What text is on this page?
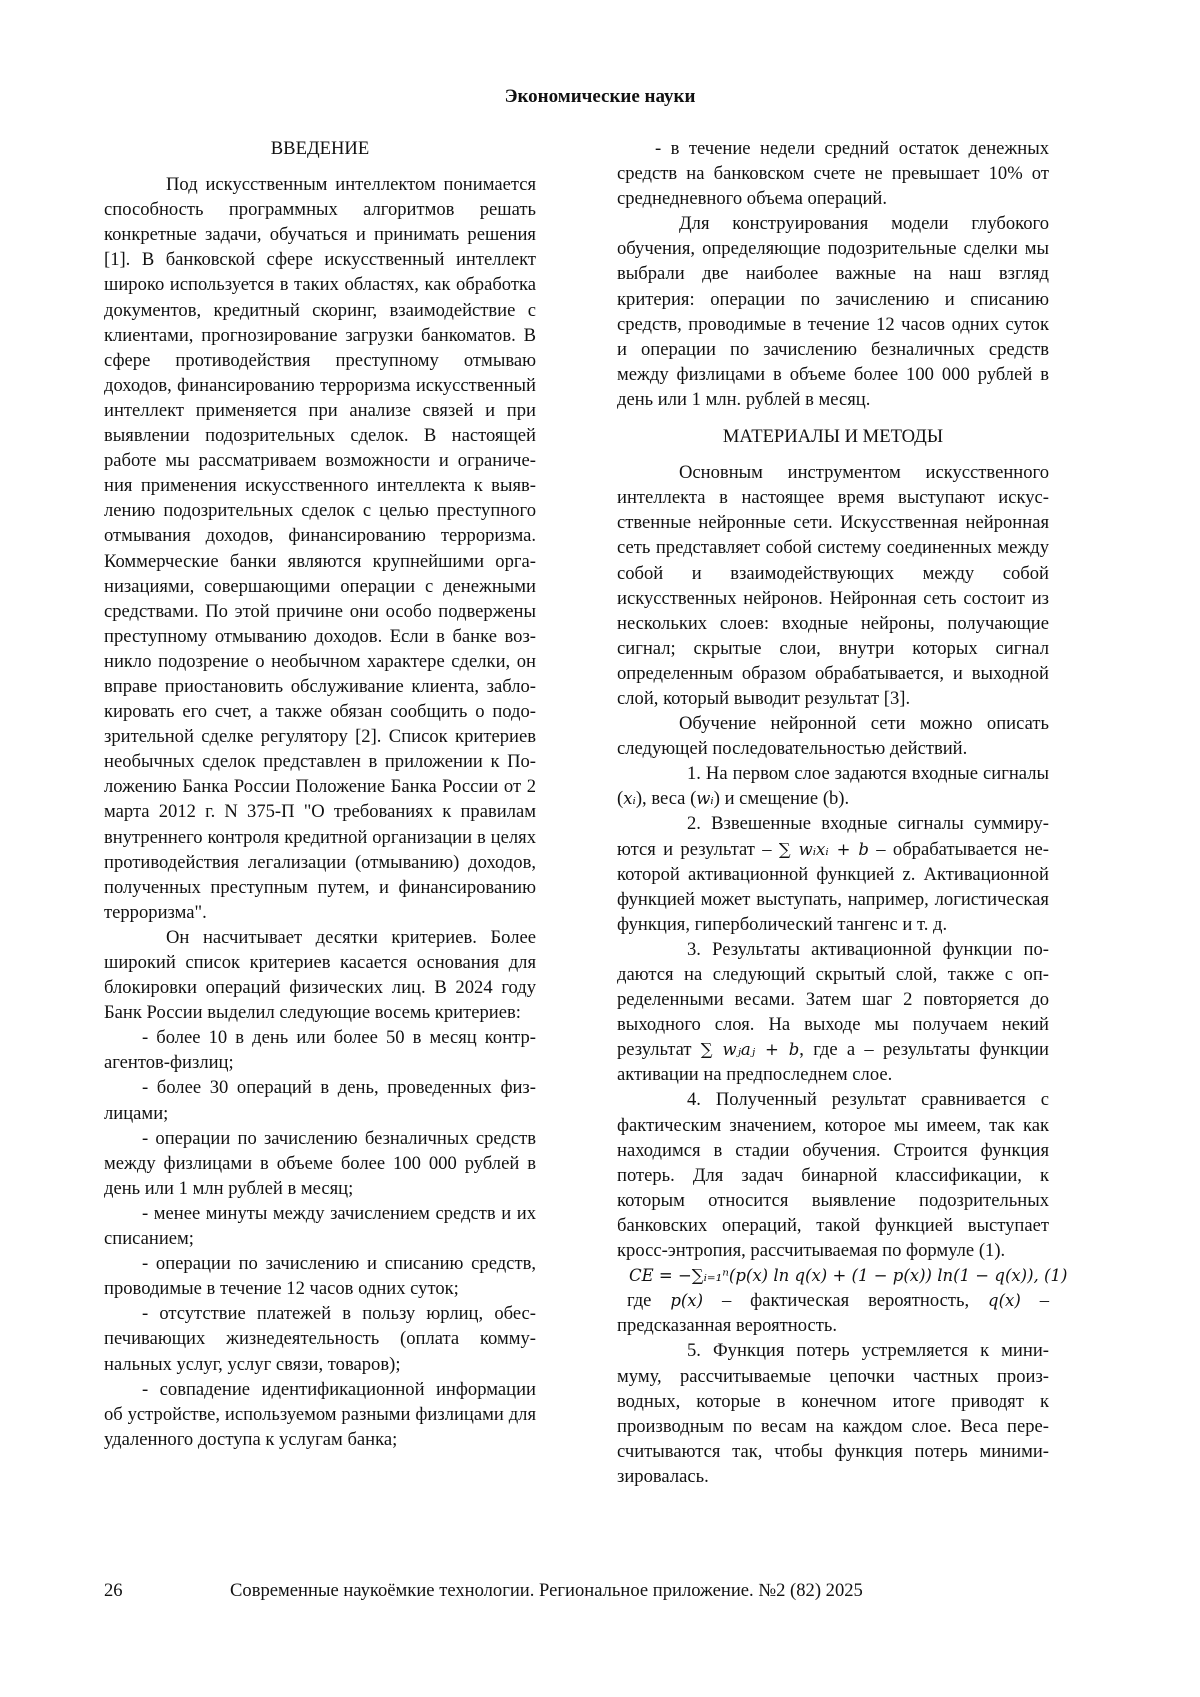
Экономические науки

ВВЕДЕНИЕ

Под искусственным интеллектом понимается способность программных алгоритмов решать конкретные задачи, обучаться и принимать решения [1]. В банковской сфере искусственный интеллект широко используется в таких областях, как обработка документов, кредитный скоринг, взаимодействие с клиентами, прогнозирование загрузки банкоматов. В сфере противодействия преступному отмываю доходов, финансированию терроризма искусственный интеллект применяется при анализе связей и при выявлении подозрительных сделок. В настоящей работе мы рассматриваем возможности и ограничения применения искусственного интеллекта к выявлению подозрительных сделок с целью преступного отмывания доходов, финансированию терроризма. Коммерческие банки являются крупнейшими организациями, совершающими операции с денежными средствами. По этой причине они особо подвержены преступному отмыванию доходов. Если в банке возникло подозрение о необычном характере сделки, он вправе приостановить обслуживание клиента, заблокировать его счет, а также обязан сообщить о подозрительной сделке регулятору [2]. Список критериев необычных сделок представлен в приложении к Положению Банка России Положение Банка России от 2 марта 2012 г. N 375-П "О требованиях к правилам внутреннего контроля кредитной организации в целях противодействия легализации (отмыванию) доходов, полученных преступным путем, и финансированию терроризма".

Он насчитывает десятки критериев. Более широкий список критериев касается основания для блокировки операций физических лиц. В 2024 году Банк России выделил следующие восемь критериев:

- более 10 в день или более 50 в месяц контрагентов-физлиц;

- более 30 операций в день, проведенных физлицами;

- операции по зачислению безналичных средств между физлицами в объеме более 100 000 рублей в день или 1 млн рублей в месяц;

- менее минуты между зачислением средств и их списанием;

- операции по зачислению и списанию средств, проводимые в течение 12 часов одних суток;

- отсутствие платежей в пользу юрлиц, обеспечивающих жизнедеятельность (оплата коммунальных услуг, услуг связи, товаров);

- совпадение идентификационной информации об устройстве, используемом разными физлицами для удаленного доступа к услугам банка;

- в течение недели средний остаток денежных средств на банковском счете не превышает 10% от среднедневного объема операций.

Для конструирования модели глубокого обучения, определяющие подозрительные сделки мы выбрали две наиболее важные на наш взгляд критерия: операции по зачислению и списанию средств, проводимые в течение 12 часов одних суток и операции по зачислению безналичных средств между физлицами в объеме более 100 000 рублей в день или 1 млн. рублей в месяц.

МАТЕРИАЛЫ И МЕТОДЫ

Основным инструментом искусственного интеллекта в настоящее время выступают искусственные нейронные сети. Искусственная нейронная сеть представляет собой систему соединенных между собой и взаимодействующих между собой искусственных нейронов. Нейронная сеть состоит из нескольких слоев: входные нейроны, получающие сигнал; скрытые слои, внутри которых сигнал определенным образом обрабатывается, и выходной слой, который выводит результат [3].

Обучение нейронной сети можно описать следующей последовательностью действий.

1. На первом слое задаются входные сигналы (xᵢ), веса (wᵢ) и смещение (b).

2. Взвешенные входные сигналы суммируются и результат – ∑ wᵢxᵢ + b – обрабатывается некоторой активационной функцией z. Активационной функцией может выступать, например, логистическая функция, гиперболический тангенс и т. д.

3. Результаты активационной функции подаются на следующий скрытый слой, также с определенными весами. Затем шаг 2 повторяется до выходного слоя. На выходе мы получаем некий результат ∑ wⱼaⱼ + b, где а – результаты функции активации на предпоследнем слое.

4. Полученный результат сравнивается с фактическим значением, которое мы имеем, так как находимся в стадии обучения. Строится функция потерь. Для задач бинарной классификации, к которым относится выявление подозрительных банковских операций, такой функцией выступает кросс-энтропия, рассчитываемая по формуле (1).

CE = −∑ᵢ₌₁ⁿ(p(x) ln q(x) + (1 − p(x)) ln(1 − q(x)), (1)

где p(x) – фактическая вероятность, q(x) – предсказанная вероятность.

5. Функция потерь устремляется к минимуму, рассчитываемые цепочки частных производных, которые в конечном итоге приводят к производным по весам на каждом слое. Веса пересчитываются так, чтобы функция потерь минимизировалась.

26	Современные наукоёмкие технологии. Региональное приложение. №2 (82) 2025
